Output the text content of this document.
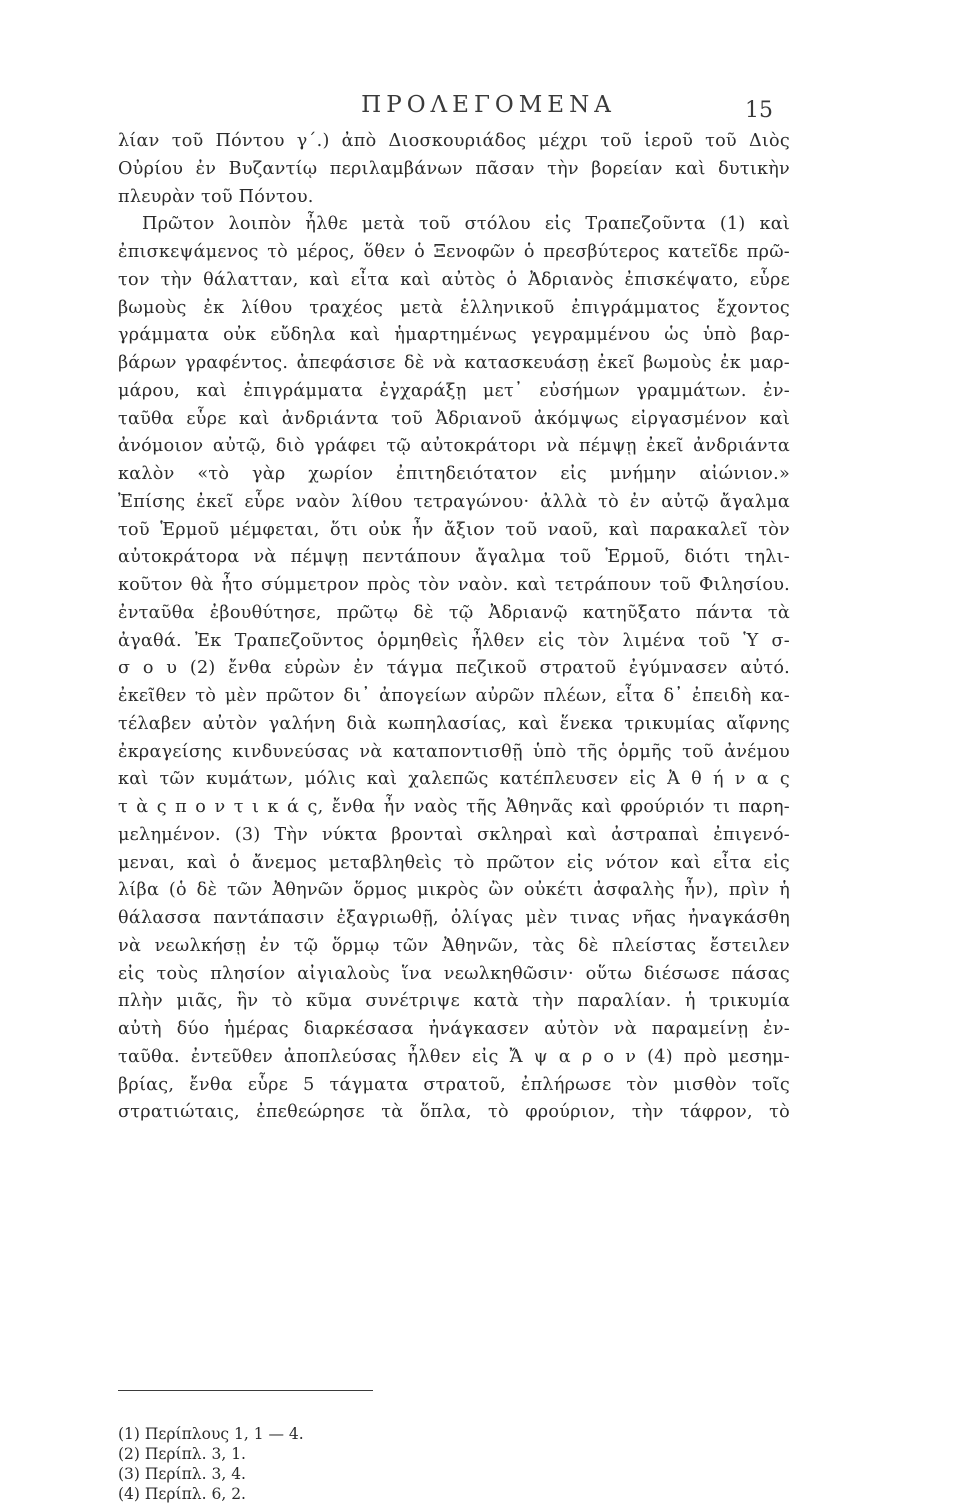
ΠΡΟΛΕΓΟΜΕΝΑ	15
λίαν τοῦ Πόντου γ΄.) ἀπὸ Διοσκουριάδος μέχρι τοῦ ἱεροῦ τοῦ Διὸς
Οὐρίου ἐν Βυζαντίῳ περιλαμβάνων πᾶσαν τὴν βορείαν καὶ δυτικὴν
πλευρὰν τοῦ Πόντου.
Πρῶτον λοιπὸν ἦλθε μετὰ τοῦ στόλου εἰς Τραπεζοῦντα (1) καὶ
ἐπισκεψάμενος τὸ μέρος, ὅθεν ὁ Ξενοφῶν ὁ πρεσβύτερος κατεῖδε πρῶ-
τον τὴν θάλατταν, καὶ εἶτα καὶ αὐτὸς ὁ Ἀδριανὸς ἐπισκέψατο, εὗρε
βωμοὺς ἐκ λίθου τραχέος μετὰ ἑλληνικοῦ ἐπιγράμματος ἔχοντος
γράμματα οὐκ εὔδηλα καὶ ἡμαρτημένως γεγραμμένου ὡς ὑπὸ βαρ-
βάρων γραφέντος. ἀπεφάσισε δὲ νὰ κατασκευάσῃ ἐκεῖ βωμοὺς ἐκ μαρ-
μάρου, καὶ ἐπιγράμματα ἐγχαράξῃ μετ᾽ εὐσήμων γραμμάτων. ἐν-
ταῦθα εὗρε καὶ ἀνδριάντα τοῦ Ἀδριανοῦ ἀκόμψως εἰργασμένον καὶ
ἀνόμοιον αὐτῷ, διὸ γράφει τῷ αὐτοκράτορι νὰ πέμψῃ ἐκεῖ ἀνδριάντα
καλὸν «τὸ γὰρ χωρίον ἐπιτηδειότατον εἰς μνήμην αἰώνιον.»
Ἐπίσης ἐκεῖ εὗρε ναὸν λίθου τετραγώνου· ἀλλὰ τὸ ἐν αὐτῷ ἄγαλμα
τοῦ Ἑρμοῦ μέμφεται, ὅτι οὐκ ἦν ἄξιον τοῦ ναοῦ, καὶ παρακαλεῖ τὸν
αὐτοκράτορα νὰ πέμψῃ πεντάπουν ἄγαλμα τοῦ Ἑρμοῦ, διότι τηλι-
κοῦτον θὰ ἦτο σύμμετρον πρὸς τὸν ναὸν. καὶ τετράπουν τοῦ Φιλησίου.
ἐνταῦθα ἐβουθύτησε, πρῶτῳ δὲ τῷ Ἀδριανῷ κατηῦξατο πάντα τὰ
ἀγαθά. Ἐκ Τραπεζοῦντος ὁρμηθεὶς ἦλθεν εἰς τὸν λιμένα τοῦ Ὑ σ-
σ ο υ (2) ἔνθα εὑρὼν ἐν τάγμα πεζικοῦ στρατοῦ ἐγύμνασεν αὐτό.
ἐκεῖθεν τὸ μὲν πρῶτον δι᾽ ἀπογείων αὐρῶν πλέων, εἶτα δ᾽ ἐπειδὴ κα-
τέλαβεν αὐτὸν γαλήνη διὰ κωπηλασίας, καὶ ἕνεκα τρικυμίας αἴφνης
ἐκραγείσης κινδυνεύσας νὰ καταποντισθῇ ὑπὸ τῆς ὁρμῆς τοῦ ἀνέμου
καὶ τῶν κυμάτων, μόλις καὶ χαλεπῶς κατέπλευσεν εἰς Ἀ θ ή ν α ς
τ ὰ ς π ο ν τ ι κ ά ς, ἔνθα ἦν ναὸς τῆς Ἀθηνᾶς καὶ φρούριόν τι παρη-
μελημένον. (3) Τὴν νύκτα βρονταὶ σκληραὶ καὶ ἀστραπαὶ ἐπιγενό-
μεναι, καὶ ὁ ἄνεμος μεταβληθεὶς τὸ πρῶτον εἰς νότον καὶ εἶτα εἰς
λίβα (ὁ δὲ τῶν Ἀθηνῶν ὅρμος μικρὸς ὢν οὐκέτι ἀσφαλὴς ἦν), πρὶν ἡ
θάλασσα παντάπασιν ἐξαγριωθῇ, ὀλίγας μὲν τινας νῆας ἠναγκάσθη
νὰ νεωλκήσῃ ἐν τῷ ὅρμῳ τῶν Ἀθηνῶν, τὰς δὲ πλείστας ἔστειλεν
εἰς τοὺς πλησίον αἰγιαλοὺς ἵνα νεωλκηθῶσιν· οὕτω διέσωσε πάσας
πλὴν μιᾶς, ἣν τὸ κῦμα συνέτριψε κατὰ τὴν παραλίαν. ἡ τρικυμία
αὐτὴ δύο ἡμέρας διαρκέσασα ἠνάγκασεν αὐτὸν νὰ παραμείνῃ ἐν-
ταῦθα. ἐντεῦθεν ἀποπλεύσας ἦλθεν εἰς Ἄ ψ α ρ ο ν (4) πρὸ μεσημ-
βρίας, ἔνθα εὗρε 5 τάγματα στρατοῦ, ἐπλήρωσε τὸν μισθὸν τοῖς
στρατιώταις, ἐπεθεώρησε τὰ ὅπλα, τὸ φρούριον, τὴν τάφρον, τὸ
(1) Περίπλους 1, 1 — 4.
(2) Περίπλ. 3, 1.
(3) Περίπλ. 3, 4.
(4) Περίπλ. 6, 2.
